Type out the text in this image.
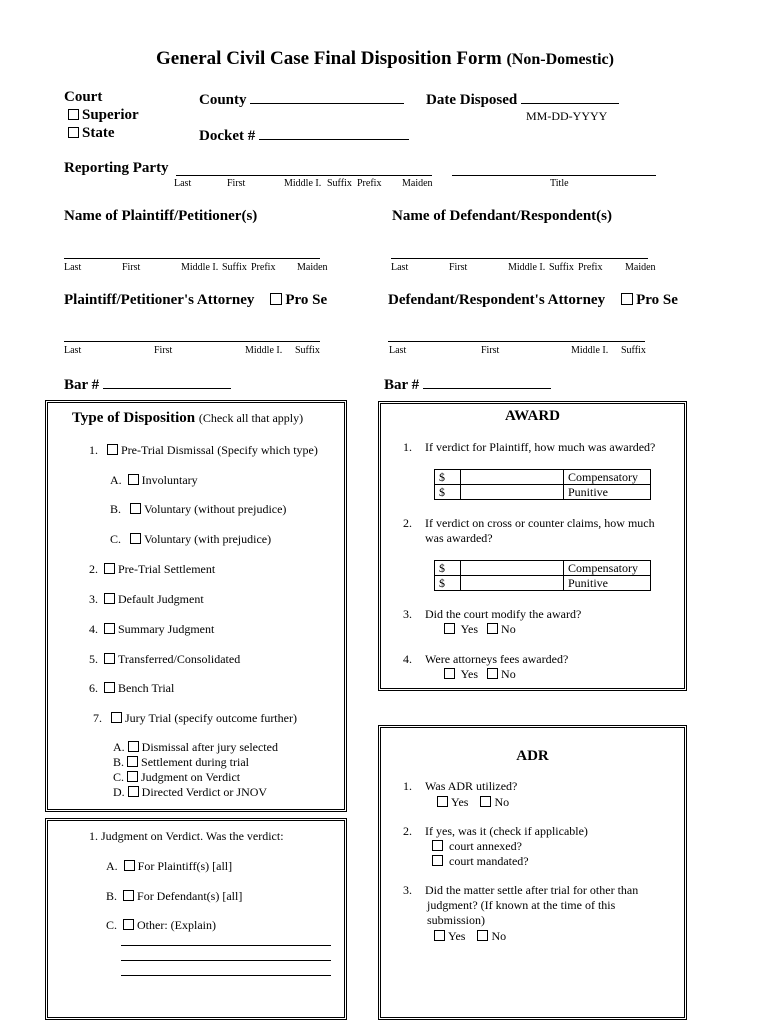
General Civil Case Final Disposition Form (Non-Domestic)
Court
Superior
State
County
Docket #
Date Disposed
MM-DD-YYYY
Reporting Party
Last	First	Middle I. Suffix Prefix Maiden	Title
Name of Plaintiff/Petitioner(s)	Name of Defendant/Respondent(s)
Last	First	Middle I. Suffix Prefix Maiden	Last	First	Middle I. Suffix Prefix Maiden
Plaintiff/Petitioner's Attorney Pro Se	Defendant/Respondent's Attorney Pro Se
Last	First	Middle I. Suffix	Last	First	Middle I. Suffix
Bar #	Bar #
Type of Disposition (Check all that apply)
1. Pre-Trial Dismissal (Specify which type)
A. Involuntary
B. Voluntary (without prejudice)
C. Voluntary (with prejudice)
2. Pre-Trial Settlement
3. Default Judgment
4. Summary Judgment
5. Transferred/Consolidated
6. Bench Trial
7. Jury Trial (specify outcome further)
A. Dismissal after jury selected
B. Settlement during trial
C. Judgment on Verdict
D. Directed Verdict or JNOV
1. Judgment on Verdict. Was the verdict:
A. For Plaintiff(s) [all]
B. For Defendant(s) [all]
C. Other: (Explain)
AWARD
1. If verdict for Plaintiff, how much was awarded?
$		Compensatory
$		Punitive
2. If verdict on cross or counter claims, how much
was awarded?
$		Compensatory
$		Punitive
3. Did the court modify the award?
Yes No
4. Were attorneys fees awarded?
Yes No
ADR
1. Was ADR utilized?
Yes No
2. If yes, was it (check if applicable)
court annexed?
court mandated?
3. Did the matter settle after trial for other than
judgment? (If known at the time of this
submission)
Yes No
